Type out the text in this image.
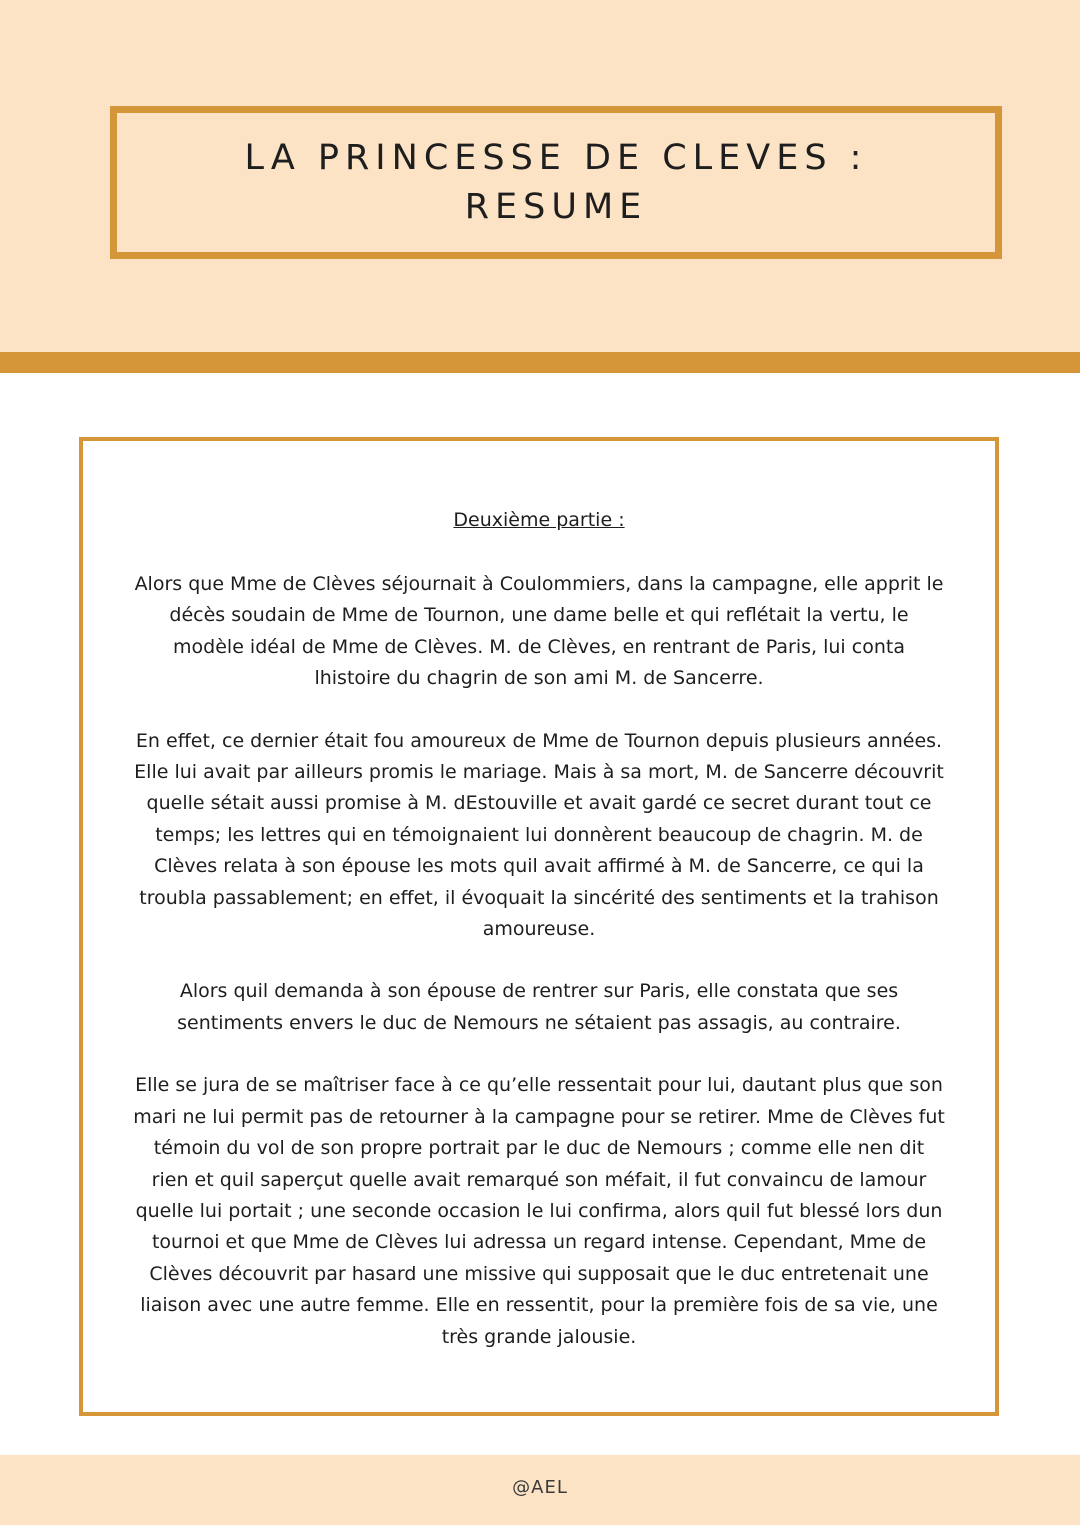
LA PRINCESSE DE CLEVES :
RESUME
Deuxième partie :

Alors que Mme de Clèves séjournait à Coulommiers, dans la campagne, elle apprit le décès soudain de Mme de Tournon, une dame belle et qui reflétait la vertu, le modèle idéal de Mme de Clèves. M. de Clèves, en rentrant de Paris, lui conta lhistoire du chagrin de son ami M. de Sancerre.

En effet, ce dernier était fou amoureux de Mme de Tournon depuis plusieurs années. Elle lui avait par ailleurs promis le mariage. Mais à sa mort, M. de Sancerre découvrit quelle sétait aussi promise à M. dEstouville et avait gardé ce secret durant tout ce temps; les lettres qui en témoignaient lui donnèrent beaucoup de chagrin. M. de Clèves relata à son épouse les mots quil avait affirmé à M. de Sancerre, ce qui la troubla passablement; en effet, il évoquait la sincérité des sentiments et la trahison amoureuse.

Alors quil demanda à son épouse de rentrer sur Paris, elle constata que ses sentiments envers le duc de Nemours ne sétaient pas assagis, au contraire.

Elle se jura de se maîtriser face à ce qu’elle ressentait pour lui, dautant plus que son mari ne lui permit pas de retourner à la campagne pour se retirer. Mme de Clèves fut témoin du vol de son propre portrait par le duc de Nemours ; comme elle nen dit rien et quil saperçut quelle avait remarqué son méfait, il fut convaincu de lamour quelle lui portait ; une seconde occasion le lui confirma, alors quil fut blessé lors dun tournoi et que Mme de Clèves lui adressa un regard intense. Cependant, Mme de Clèves découvrit par hasard une missive qui supposait que le duc entretenait une liaison avec une autre femme. Elle en ressentit, pour la première fois de sa vie, une très grande jalousie.

@AEL
